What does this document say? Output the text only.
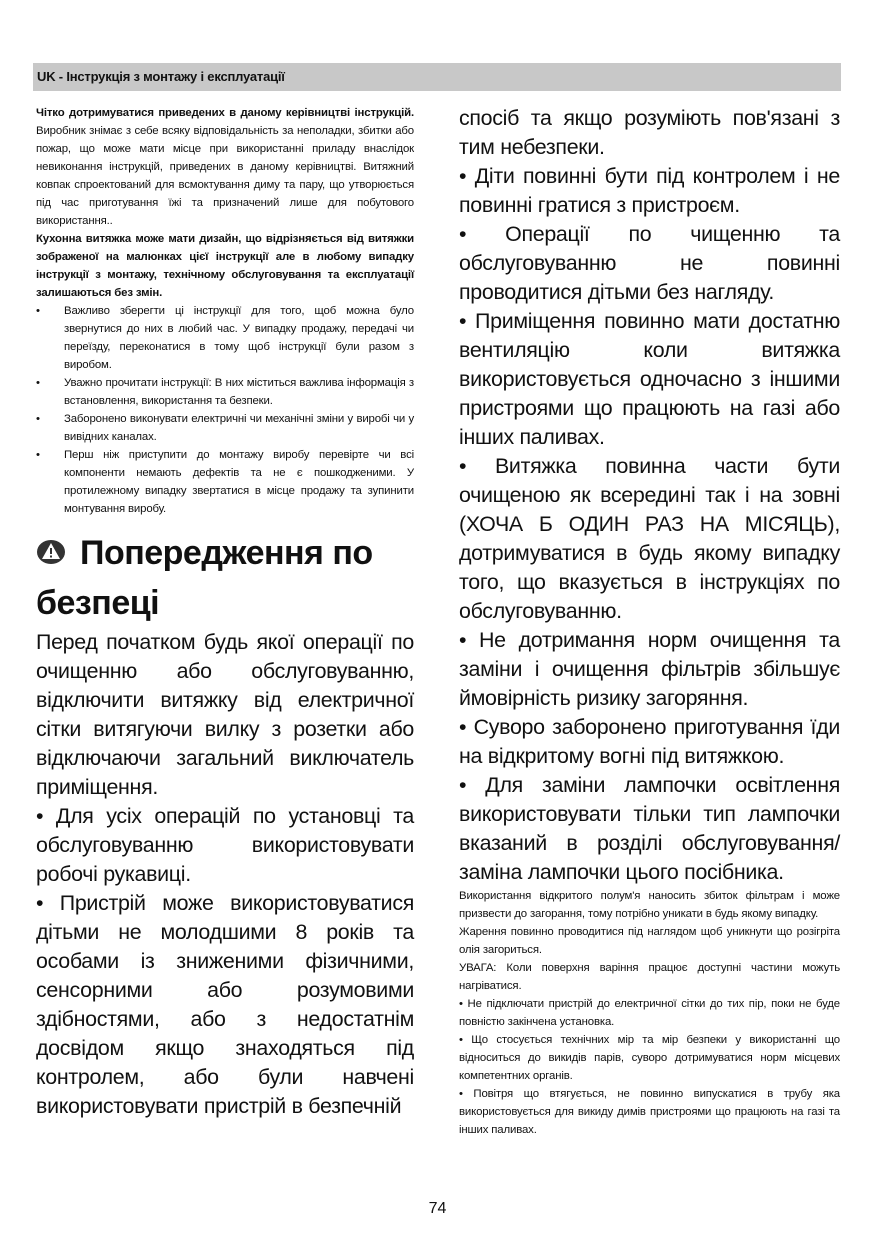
UK - Інструкція з монтажу і експлуатації

Чітко дотримуватися приведених в даному керівництві інструкцій. Виробник знімає з себе всяку відповідальність за неполадки, збитки або пожар, що може мати місце при використанні приладу внаслідок невиконання інструкцій, приведених в даному керівництві. Витяжний ковпак спроектований для всмоктування диму та пару, що утворюється під час приготування їжі та призначений лише для побутового використання..

Кухонна витяжка може мати дизайн, що відрізняється від витяжки зображеної на малюнках цієї інструкції але в любому випадку інструкції з монтажу, технічному обслуговування та експлуатації залишаються без змін.

• Важливо зберегти ці інструкції для того, щоб можна було звернутися до них в любий час. У випадку продажу, передачі чи переїзду, переконатися в тому щоб інструкції були разом з виробом.
• Уважно прочитати інструкції: В них міститься важлива інформація з встановлення, використання та безпеки.
• Заборонено виконувати електричні чи механічні зміни у виробі чи у вивідних каналах.
• Перш ніж приступити до монтажу виробу перевірте чи всі компоненти немають дефектів та не є пошкодженими. У протилежному випадку звертатися в місце продажу та зупинити монтування виробу.
Попередження по безпеці

Перед початком будь якої операції по очищенню або обслуговуванню, відключити витяжку від електричної сітки витягуючи вилку з розетки або відключаючи загальний виключатель приміщення.

• Для усіх операцій по установці та обслуговуванню використовувати робочі рукавиці.

• Пристрій може використовуватися дітьми не молодшими 8 років та особами із зниженими фізичними, сенсорними або розумовими здібностями, або з недостатнім досвідом якщо знаходяться під контролем, або були навчені використовувати пристрій в безпечній

спосіб та якщо розуміють пов'язані з тим небезпеки.

• Діти повинні бути під контролем і не повинні гратися з пристроєм.

• Операції по чищенню та обслуговуванню не повинні проводитися дітьми без нагляду.

• Приміщення повинно мати достатню вентиляцію коли витяжка використовується одночасно з іншими пристроями що працюють на газі або інших паливах.

• Витяжка повинна части бути очищеною як всередині так і на зовні (ХОЧА Б ОДИН РАЗ НА МІСЯЦЬ), дотримуватися в будь якому випадку того, що вказується в інструкціях по обслуговуванню.

• Не дотримання норм очищення та заміни і очищення фільтрів збільшує ймовірність ризику загоряння.

• Суворо заборонено приготування їди на відкритому вогні під витяжкою.

• Для заміни лампочки освітлення використовувати тільки тип лампочки вказаний в розділі обслуговування/заміна лампочки цього посібника.

Використання відкритого полум'я наносить збиток фільтрам і може призвести до загорання, тому потрібно уникати в будь якому випадку.

Жарення повинно проводитися під наглядом щоб уникнути що розігріта олія загориться.

УВАГА: Коли поверхня варіння працює доступні частини можуть нагріватися.

• Не підключати пристрій до електричної сітки до тих пір, поки не буде повністю закінчена установка.

• Що стосується технічних мір та мір безпеки у використанні що відноситься до викидів парів, суворо дотримуватися норм місцевих компетентних органів.

• Повітря що втягується, не повинно випускатися в трубу яка використовується для викиду димів пристроями що працюють на газі та інших паливах.

74
